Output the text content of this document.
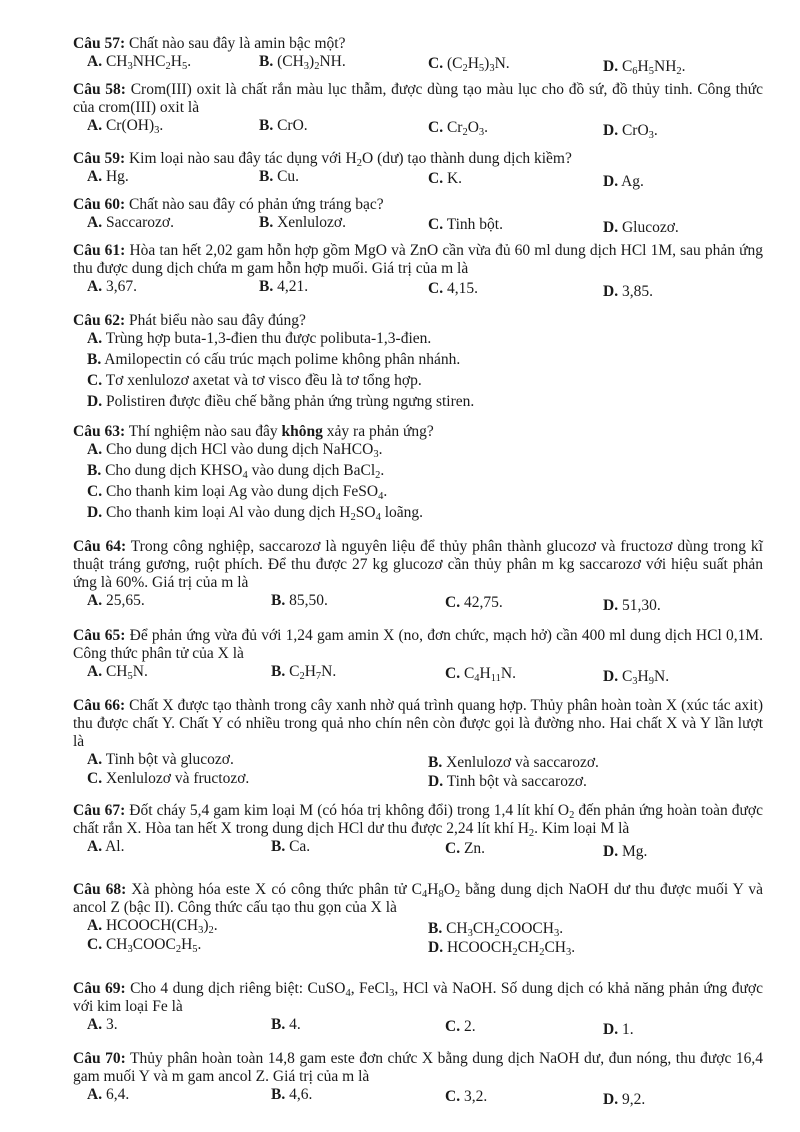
Câu 57: Chất nào sau đây là amin bậc một?

A. $CH_3NHC_2H_5$.	B. $(CH_3)_2NH$.	C. $(C_2H_5)_3N$.	D. $C_6H_5NH_2$.

Câu 58: Crom(III) oxit là chất rắn màu lục thẫm, được dùng tạo màu lục cho đồ sứ, đồ thủy tinh. Công thức của crom(III) oxit là

A. $Cr(OH)_3$.	B. CrO.	C. $Cr_2O_3$.	D. CrO$_3$.

Câu 59: Kim loại nào sau đây tác dụng với $H_2O$ (dư) tạo thành dung dịch kiềm?

A. Hg.	B. Cu.	C. K.	D. Ag.

Câu 60: Chất nào sau đây có phản ứng tráng bạc?

A. Saccarozơ.	B. Xenlulozơ.	C. Tinh bột.	D. Glucozơ.

Câu 61: Hòa tan hết 2,02 gam hỗn hợp gồm MgO và ZnO cần vừa đủ 60 ml dung dịch HCl 1M, sau phản ứng thu được dung dịch chứa m gam hỗn hợp muối. Giá trị của m là

A. 3,67.	B. 4,21.	C. 4,15.	D. 3,85.

Câu 62: Phát biểu nào sau đây đúng?

A. Trùng hợp buta-1,3-đien thu được polibuta-1,3-đien.
B. Amilopectin có cấu trúc mạch polime không phân nhánh.
C. Tơ xenlulozơ axetat và tơ visco đều là tơ tổng hợp.
D. Polistiren được điều chế bằng phản ứng trùng ngưng stiren.

Câu 63: Thí nghiệm nào sau đây không xảy ra phản ứng?

A. Cho dung dịch HCl vào dung dịch NaHCO$_3$.
B. Cho dung dịch $KHSO_4$ vào dung dịch BaCl$_2$.
C. Cho thanh kim loại Ag vào dung dịch FeSO$_4$.
D. Cho thanh kim loại Al vào dung dịch $H_2SO_4$ loãng.

Câu 64: Trong công nghiệp, saccarozơ là nguyên liệu để thủy phân thành glucozơ và fructozơ dùng trong kĩ thuật tráng gương, ruột phích. Để thu được 27 kg glucozơ cần thủy phân m kg saccarozơ với hiệu suất phản ứng là 60%. Giá trị của m là

A. 25,65.	B. 85,50.	C. 42,75.	D. 51,30.

Câu 65: Để phản ứng vừa đủ với 1,24 gam amin X (no, đơn chức, mạch hở) cần 400 ml dung dịch HCl 0,1M. Công thức phân tử của X là

A. $CH_5N$.	B. $C_2H_7N$.	C. $C_4H_{11}N$.	D. $C_3H_9N$.

Câu 66: Chất X được tạo thành trong cây xanh nhờ quá trình quang hợp. Thủy phân hoàn toàn X (xúc tác axit) thu được chất Y. Chất Y có nhiều trong quả nho chín nên còn được gọi là đường nho. Hai chất X và Y lần lượt là

A. Tinh bột và glucozơ.	B. Xenlulozơ và saccarozơ.
C. Xenlulozơ và fructozơ.	D. Tinh bột và saccarozơ.

Câu 67: Đốt cháy 5,4 gam kim loại M (có hóa trị không đổi) trong 1,4 lít khí $O_2$ đến phản ứng hoàn toàn được chất rắn X. Hòa tan hết X trong dung dịch HCl dư thu được 2,24 lít khí $H_2$. Kim loại M là

A. Al.	B. Ca.	C. Zn.	D. Mg.

Câu 68: Xà phòng hóa este X có công thức phân tử $C_4H_8O_2$ bằng dung dịch NaOH dư thu được muối Y và ancol Z (bậc II). Công thức cấu tạo thu gọn của X là

A. $HCOOCH(CH_3)_2$.	B. $CH_3CH_2COOCH_3$.
C. $CH_3COOC_2H_5$.	D. $HCOOCH_2CH_2CH_3$.

Câu 69: Cho 4 dung dịch riêng biệt: CuSO$_4$, FeCl$_3$, HCl và NaOH. Số dung dịch có khả năng phản ứng được với kim loại Fe là

A. 3.	B. 4.	C. 2.	D. 1.

Câu 70: Thủy phân hoàn toàn 14,8 gam este đơn chức X bằng dung dịch NaOH dư, đun nóng, thu được 16,4 gam muối Y và m gam ancol Z. Giá trị của m là

A. 6,4.	B. 4,6.	C. 3,2.	D. 9,2.
